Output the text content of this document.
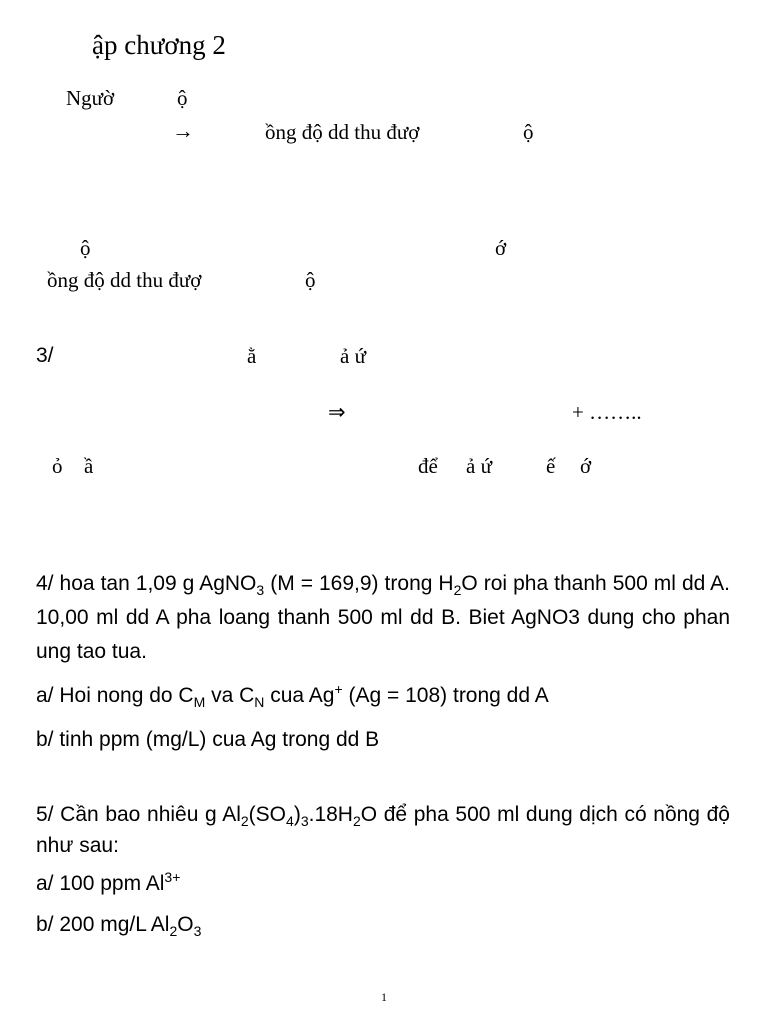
ập chương 2
Ngườ	ộ
→	ồng độ dd thu đượ	ộ
ộ	ớ
ồng độ dd thu đượ	ộ
3/	ằ	ả ứ
⇒	+ ……..
ỏ ầ	để ả ứ	ế ớ
4/ hoa tan 1,09 g AgNO$_3$ (M = 169,9) trong $H_2O$ roi pha thanh 500 ml dd A. 10,00 ml dd A pha loang thanh 500 ml dd B. Biet AgNO3 dung cho phan ung tao tua.
a/ Hoi nong do $C_M$ va $C_N$ cua Ag+ (Ag = 108) trong dd A
b/ tinh ppm (mg/L) cua Ag trong dd B
5/ Cần bao nhiêu g $Al_2(SO_4)_3.18H_2O$ để pha 500 ml dung dịch có nồng độ như sau:
a/ 100 ppm $Al^{3+}$
b/ 200 mg/L $Al_2O_3$
1
